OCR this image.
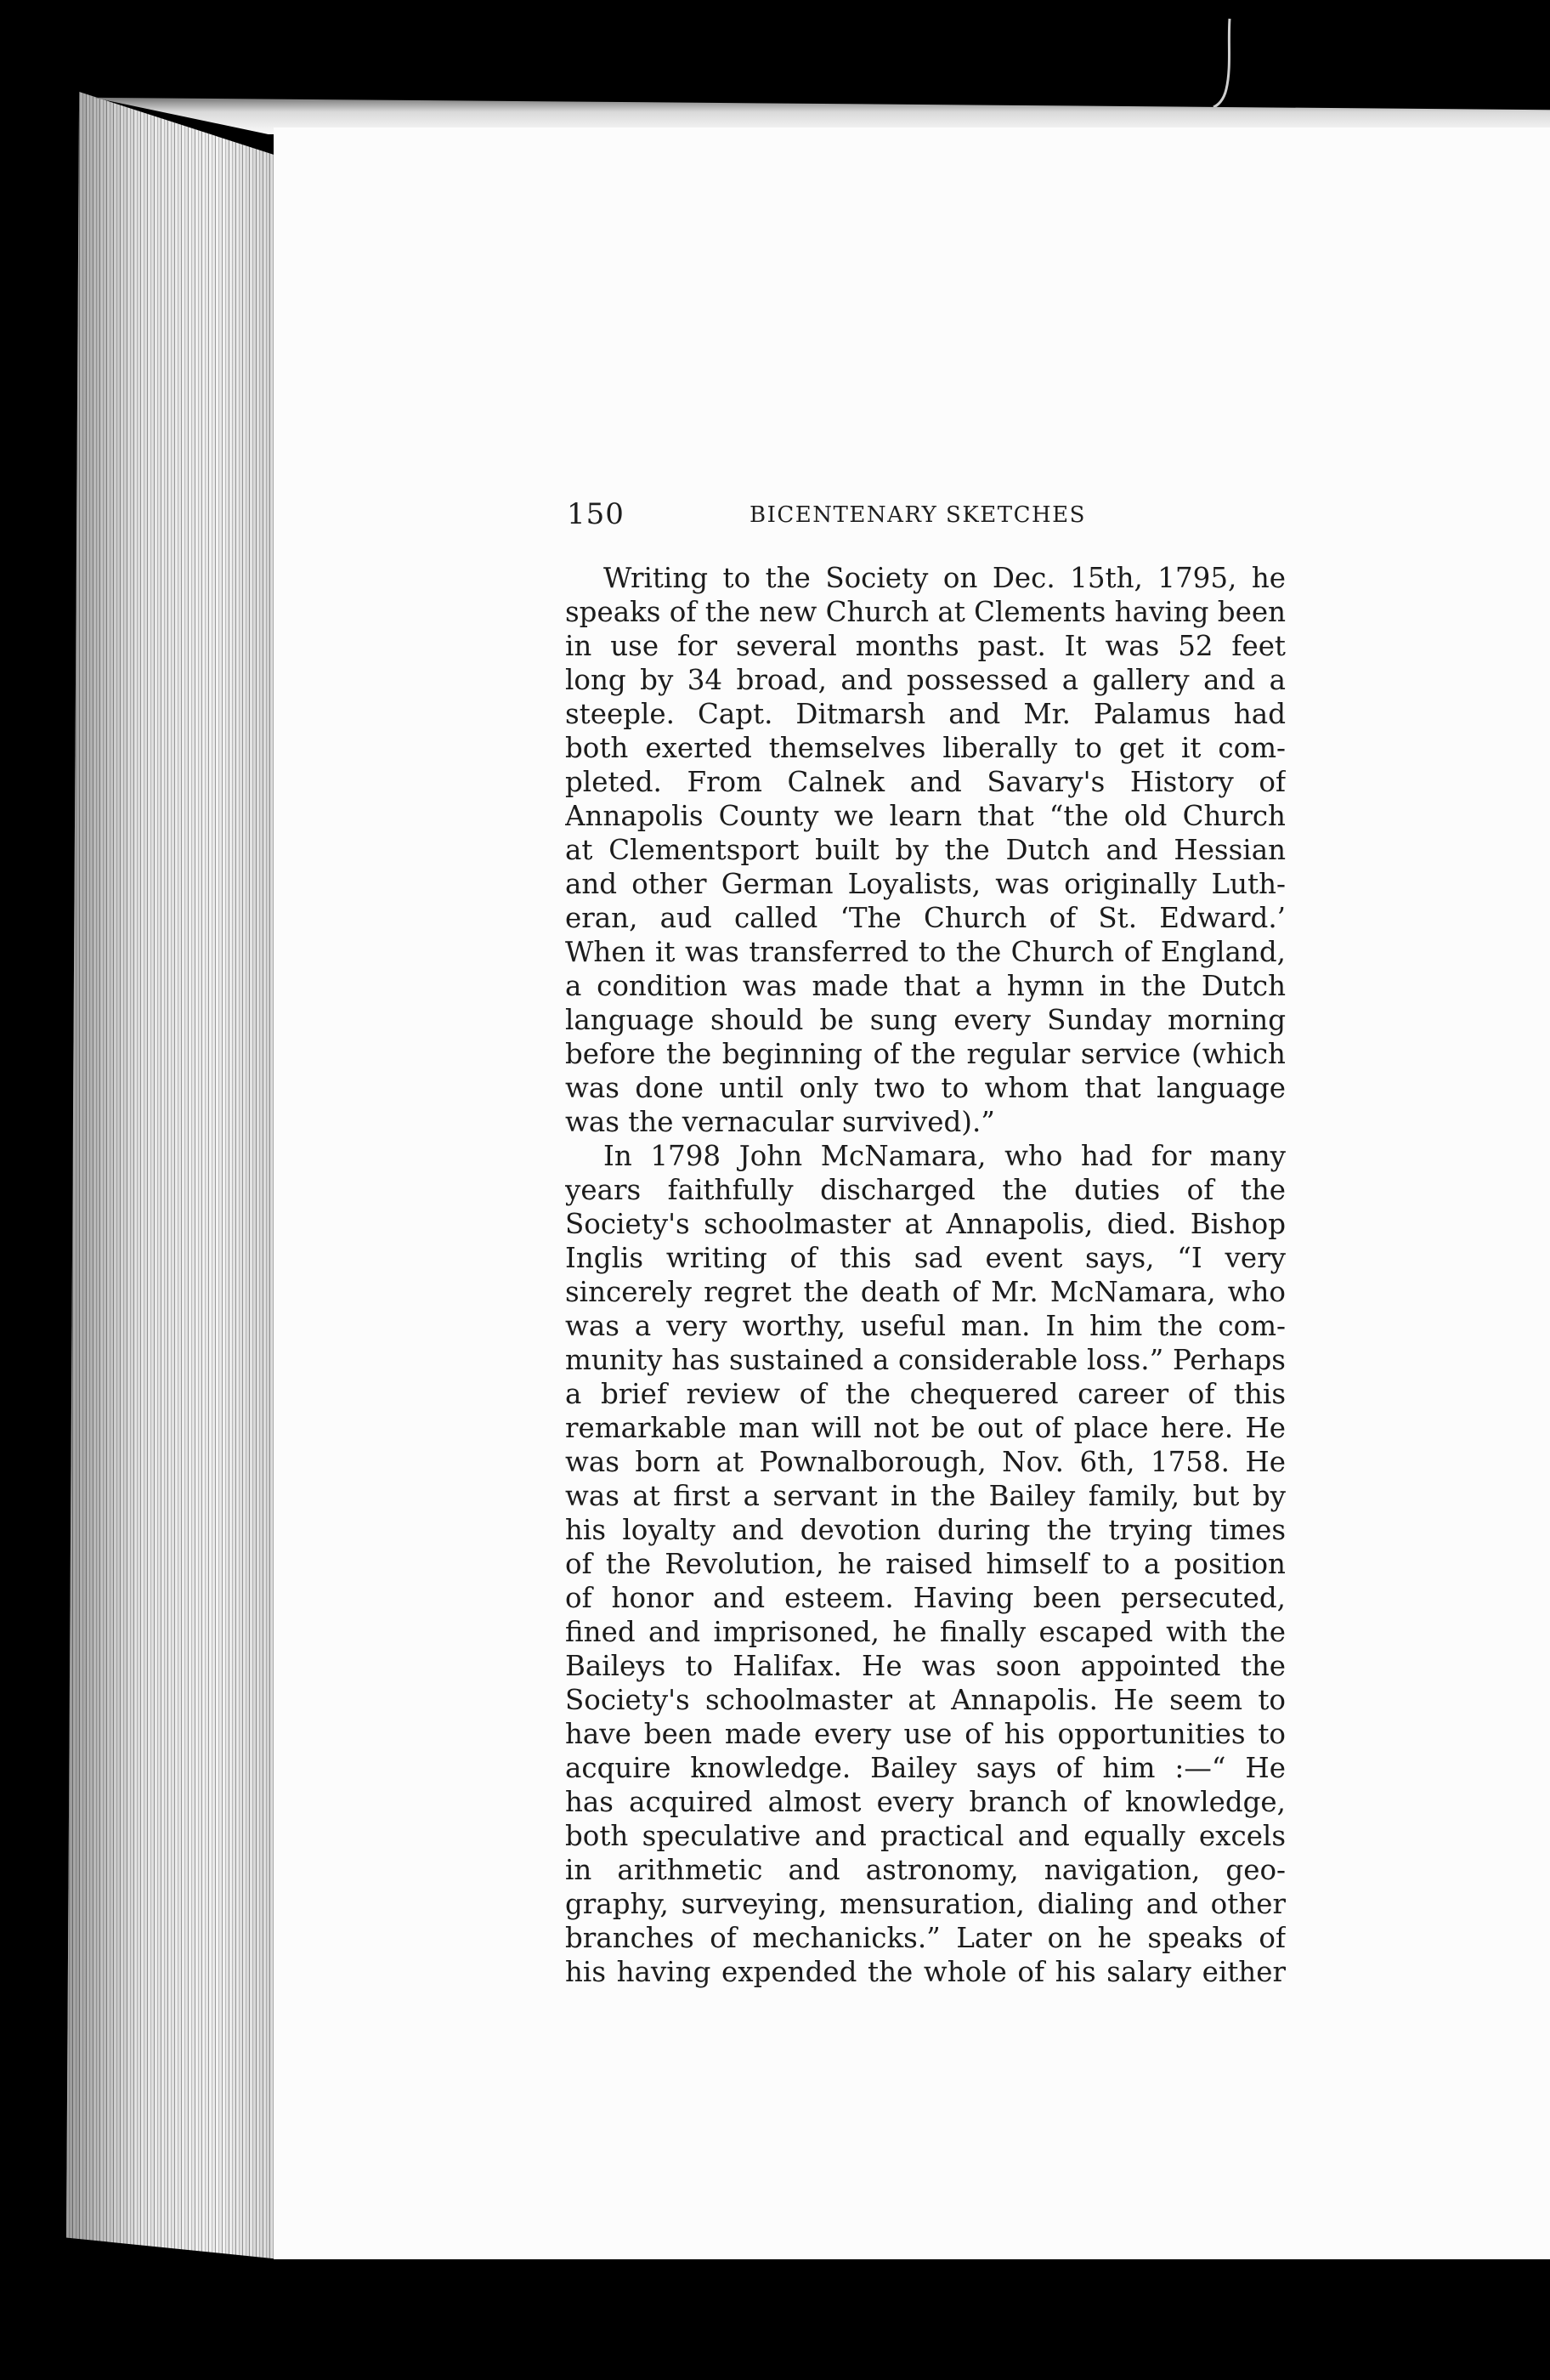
150	BICENTENARY SKETCHES
Writing to the Society on Dec. 15th, 1795, he
speaks of the new Church at Clements having been
in use for several months past. It was 52 feet
long by 34 broad, and possessed a gallery and a
steeple. Capt. Ditmarsh and Mr. Palamus had
both exerted themselves liberally to get it com-
pleted. From Calnek and Savary's History of
Annapolis County we learn that “the old Church
at Clementsport built by the Dutch and Hessian
and other German Loyalists, was originally Luth-
eran, aud called ‘The Church of St. Edward.’
When it was transferred to the Church of England,
a condition was made that a hymn in the Dutch
language should be sung every Sunday morning
before the beginning of the regular service (which
was done until only two to whom that language
was the vernacular survived).”
In 1798 John McNamara, who had for many
years faithfully discharged the duties of the
Society's schoolmaster at Annapolis, died. Bishop
Inglis writing of this sad event says, “I very
sincerely regret the death of Mr. McNamara, who
was a very worthy, useful man. In him the com-
munity has sustained a considerable loss.” Perhaps
a brief review of the chequered career of this
remarkable man will not be out of place here. He
was born at Pownalborough, Nov. 6th, 1758. He
was at first a servant in the Bailey family, but by
his loyalty and devotion during the trying times
of the Revolution, he raised himself to a position
of honor and esteem. Having been persecuted,
fined and imprisoned, he finally escaped with the
Baileys to Halifax. He was soon appointed the
Society's schoolmaster at Annapolis. He seem to
have been made every use of his opportunities to
acquire knowledge. Bailey says of him :—“ He
has acquired almost every branch of knowledge,
both speculative and practical and equally excels
in arithmetic and astronomy, navigation, geo-
graphy, surveying, mensuration, dialing and other
branches of mechanicks.” Later on he speaks of
his having expended the whole of his salary either
